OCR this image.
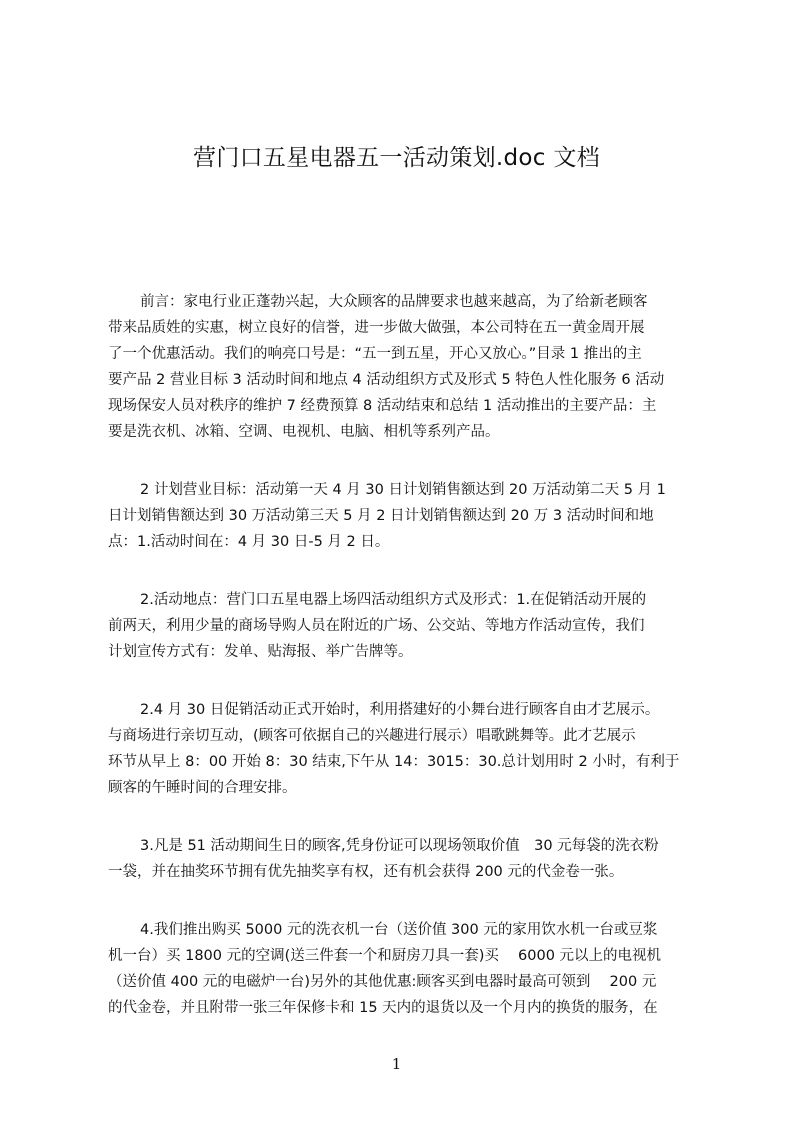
营门口五星电器五一活动策划.doc 文档
前言：家电行业正蓬勃兴起，大众顾客的品牌要求也越来越高，为了给新老顾客
带来品质姓的实惠，树立良好的信誉，进一步做大做强，本公司特在五一黄金周开展
了一个优惠活动。我们的响亮口号是：“五一到五星，开心又放心。”目录 1 推出的主
要产品 2 营业目标 3 活动时间和地点 4 活动组织方式及形式 5 特色人性化服务 6 活动
现场保安人员对秩序的维护 7 经费预算 8 活动结束和总结 1 活动推出的主要产品：主
要是洗衣机、冰箱、空调、电视机、电脑、相机等系列产品。
2 计划营业目标：活动第一天 4 月 30 日计划销售额达到 20 万活动第二天 5 月 1
日计划销售额达到 30 万活动第三天 5 月 2 日计划销售额达到 20 万 3 活动时间和地
点：1.活动时间在：4 月 30 日-5 月 2 日。
2.活动地点：营门口五星电器上场四活动组织方式及形式：1.在促销活动开展的
前两天，利用少量的商场导购人员在附近的广场、公交站、等地方作活动宣传，我们
计划宣传方式有：发单、贴海报、举广告牌等。
2.4 月 30 日促销活动正式开始时，利用搭建好的小舞台进行顾客自由才艺展示。
与商场进行亲切互动，(顾客可依据自己的兴趣进行展示）唱歌跳舞等。此才艺展示
环节从早上 8：00 开始 8：30 结束,下午从 14：3015：30.总计划用时 2 小时，有利于
顾客的午睡时间的合理安排。
3.凡是 51 活动期间生日的顾客,凭身份证可以现场领取价值　30 元每袋的洗衣粉
一袋，并在抽奖环节拥有优先抽奖享有权，还有机会获得 200 元的代金卷一张。
4.我们推出购买 5000 元的洗衣机一台（送价值 300 元的家用饮水机一台或豆浆
机一台）买 1800 元的空调(送三件套一个和厨房刀具一套)买　 6000 元以上的电视机
（送价值 400 元的电磁炉一台)另外的其他优惠:顾客买到电器时最高可领到　 200 元
的代金卷，并且附带一张三年保修卡和 15 天内的退货以及一个月内的换货的服务，在
1
